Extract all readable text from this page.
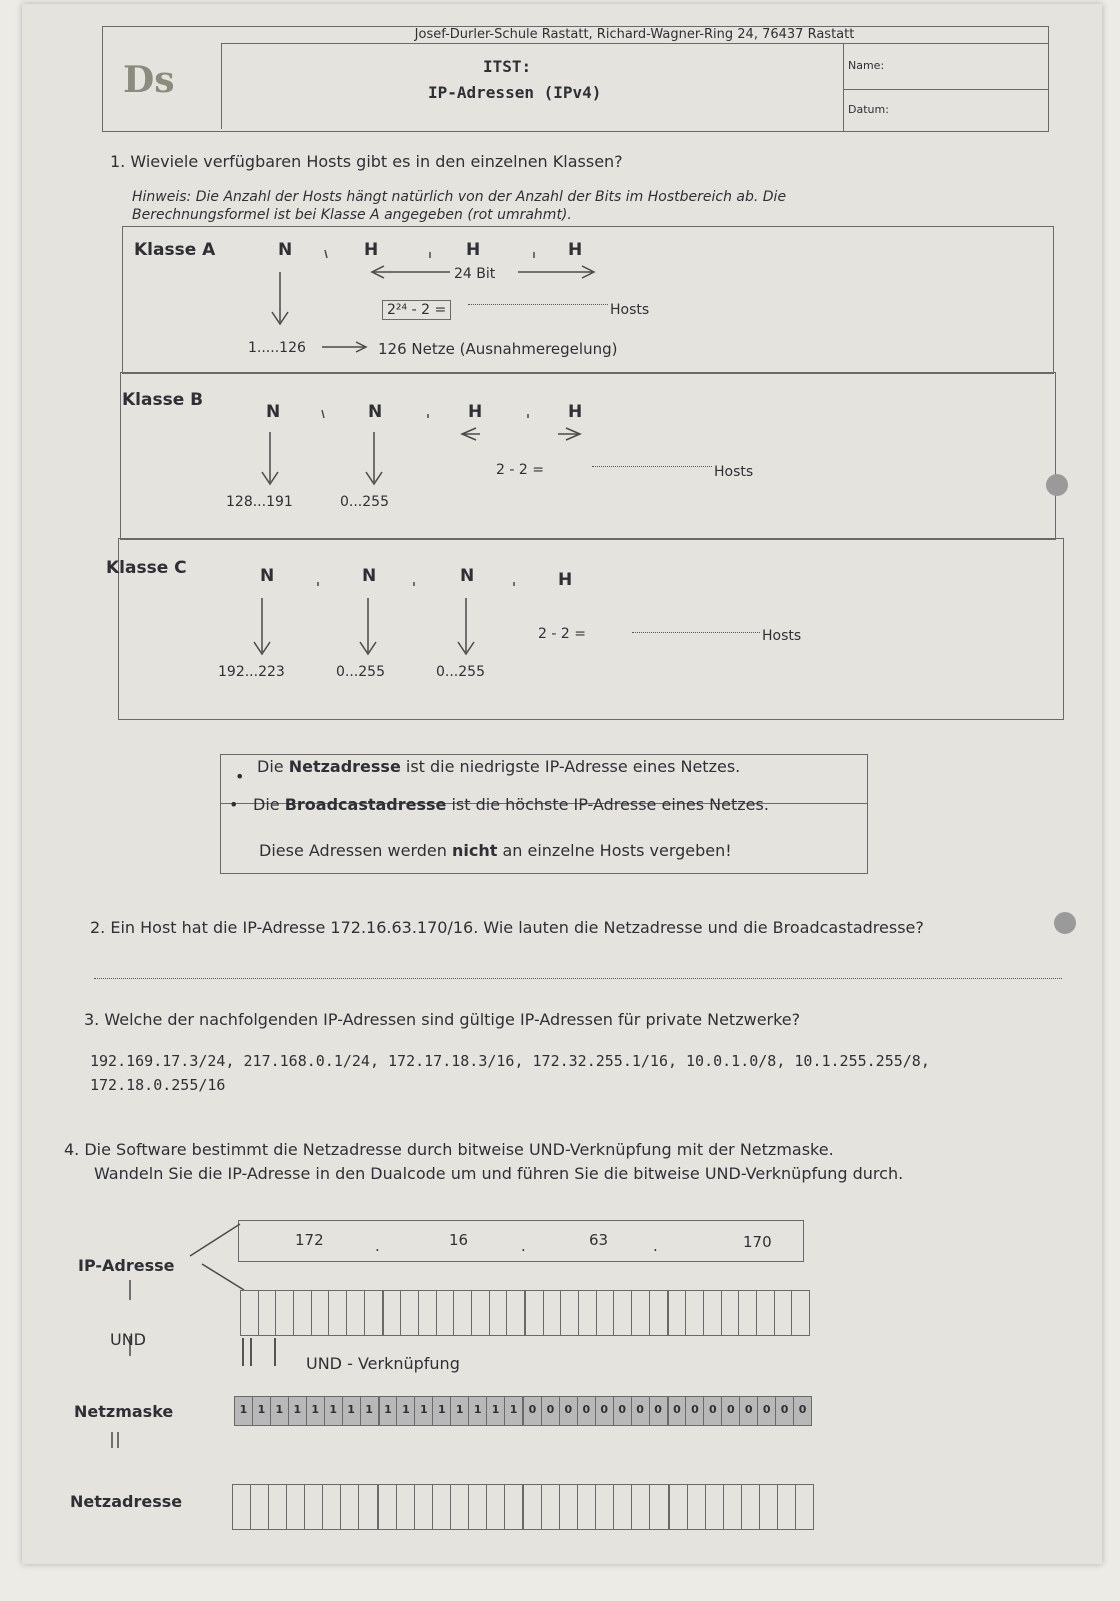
Josef-Durler-Schule Rastatt, Richard-Wagner-Ring 24, 76437 Rastatt
Ds	ITST:
IP-Adressen (IPv4)
Name:
Datum:
1. Wieviele verfügbaren Hosts gibt es in den einzelnen Klassen?
Hinweis: Die Anzahl der Hosts hängt natürlich von der Anzahl der Bits im Hostbereich ab. Die
Berechnungsformel ist bei Klasse A angegeben (rot umrahmt).
Klasse A	N	H	H	H
24 Bit
2²⁴ - 2 =	Hosts
1.....126	126 Netze (Ausnahmeregelung)
Klasse B
N	N	H	H
2 - 2 =	Hosts
128...191	0...255
Klasse C	N	N	N	H
2 - 2 =	Hosts
192...223	0...255	0...255
•
Die Netzadresse ist die niedrigste IP-Adresse eines Netzes.
• Die Broadcastadresse ist die höchste IP-Adresse eines Netzes.
Diese Adressen werden nicht an einzelne Hosts vergeben!
2. Ein Host hat die IP-Adresse 172.16.63.170/16. Wie lauten die Netzadresse und die Broadcastadresse?
3. Welche der nachfolgenden IP-Adressen sind gültige IP-Adressen für private Netzwerke?
192.169.17.3/24, 217.168.0.1/24, 172.17.18.3/16, 172.32.255.1/16, 10.0.1.0/8, 10.1.255.255/8,
172.18.0.255/16
4. Die Software bestimmt die Netzadresse durch bitweise UND-Verknüpfung mit der Netzmaske.
Wandeln Sie die IP-Adresse in den Dualcode um und führen Sie die bitweise UND-Verknüpfung durch.
172	.	16	.	63	.	170
IP-Adresse
UND
UND - Verknüpfung
Netzmaske	1 1 1 1 1 1 1 1	1 1 1 1 1 1 1 1	0 0 0 0 0 0 0 0	0 0 0 0 0 0 0 0
Netzadresse
